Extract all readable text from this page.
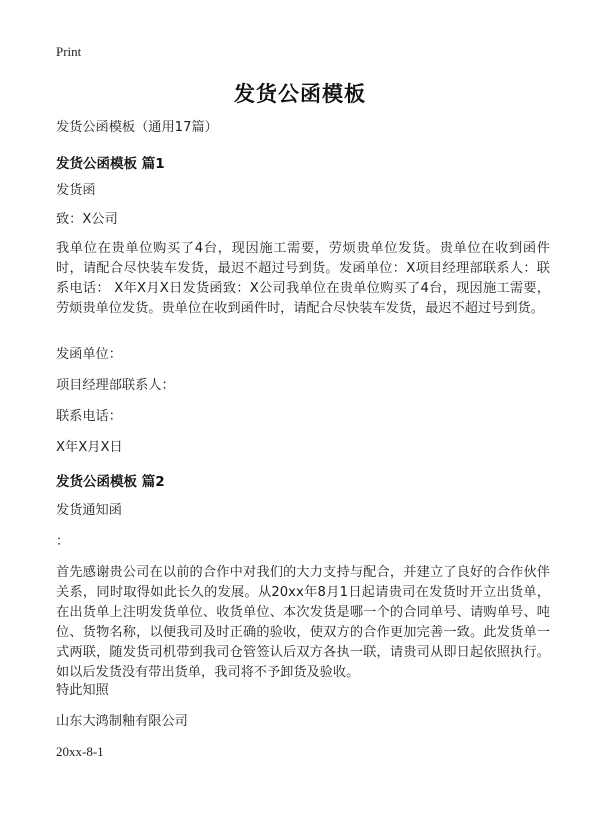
Print
发货公函模板
发货公函模板（通用17篇）
发货公函模板 篇1
发货函
致：X公司
我单位在贵单位购买了4台，现因施工需要，劳烦贵单位发货。贵单位在收到函件时，请配合尽快装车发货，最迟不超过号到货。发函单位：X项目经理部联系人：联系电话： X年X月X日发货函致：X公司我单位在贵单位购买了4台，现因施工需要，劳烦贵单位发货。贵单位在收到函件时，请配合尽快装车发货，最迟不超过号到货。
发函单位：
项目经理部联系人：
联系电话：
X年X月X日
发货公函模板 篇2
发货通知函
：
首先感谢贵公司在以前的合作中对我们的大力支持与配合，并建立了良好的合作伙伴关系，同时取得如此长久的发展。从20xx年8月1日起请贵司在发货时开立出货单，在出货单上注明发货单位、收货单位、本次发货是哪一个的合同单号、请购单号、吨位、货物名称，以便我司及时正确的验收，使双方的合作更加完善一致。此发货单一式两联，随发货司机带到我司仓管签认后双方各执一联，请贵司从即日起依照执行。如以后发货没有带出货单，我司将不予卸货及验收。
特此知照
山东大鸿制釉有限公司
20xx-8-1
